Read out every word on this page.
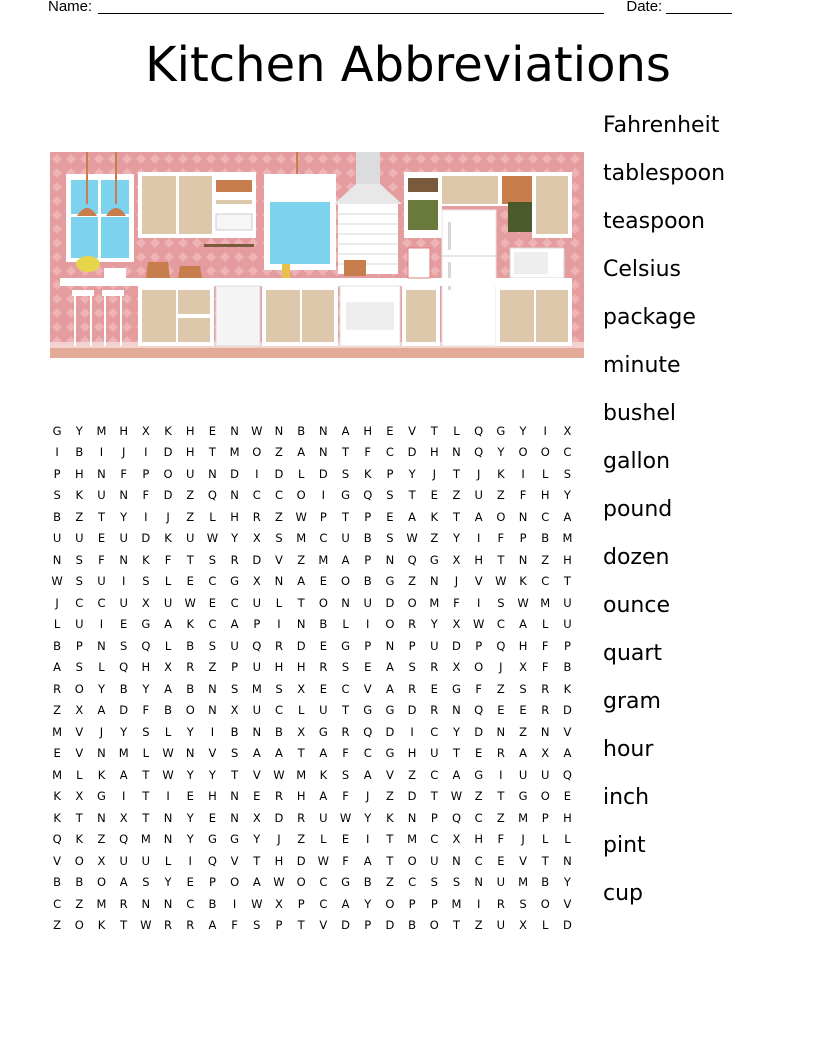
Name:	Date:
Kitchen Abbreviations
G	Y	M	H	X	K	H	E	N	W	N	B	N	A	H	E	V	T	L	Q	G	Y	I	X
I	B	I	J	I	D	H	T	M	O	Z	A	N	T	F	C	D	H	N	Q	Y	O	O	C
P	H	N	F	P	O	U	N	D	I	D	L	D	S	K	P	Y	J	T	J	K	I	L	S
S	K	U	N	F	D	Z	Q	N	C	C	O	I	G	Q	S	T	E	Z	U	Z	F	H	Y
B	Z	T	Y	I	J	Z	L	H	R	Z	W	P	T	P	E	A	K	T	A	O	N	C	A
U	U	E	U	D	K	U	W	Y	X	S	M	C	U	B	S	W	Z	Y	I	F	P	B	M
N	S	F	N	K	F	T	S	R	D	V	Z	M	A	P	N	Q	G	X	H	T	N	Z	H
W	S	U	I	S	L	E	C	G	X	N	A	E	O	B	G	Z	N	J	V	W	K	C	T
J	C	C	U	X	U	W	E	C	U	L	T	O	N	U	D	O	M	F	I	S	W	M	U
L	U	I	E	G	A	K	C	A	P	I	N	B	L	I	O	R	Y	X	W	C	A	L	U
B	P	N	S	Q	L	B	S	U	Q	R	D	E	G	P	N	P	U	D	P	Q	H	F	P
A	S	L	Q	H	X	R	Z	P	U	H	H	R	S	E	A	S	R	X	O	J	X	F	B
R	O	Y	B	Y	A	B	N	S	M	S	X	E	C	V	A	R	E	G	F	Z	S	R	K
Z	X	A	D	F	B	O	N	X	U	C	L	U	T	G	G	D	R	N	Q	E	E	R	D
M	V	J	Y	S	L	Y	I	B	N	B	X	G	R	Q	D	I	C	Y	D	N	Z	N	V
E	V	N	M	L	W	N	V	S	A	A	T	A	F	C	G	H	U	T	E	R	A	X	A
M	L	K	A	T	W	Y	Y	T	V	W	M	K	S	A	V	Z	C	A	G	I	U	U	Q
K	X	G	I	T	I	E	H	N	E	R	H	A	F	J	Z	D	T	W	Z	T	G	O	E
K	T	N	X	T	N	Y	E	N	X	D	R	U	W	Y	K	N	P	Q	C	Z	M	P	H
Q	K	Z	Q	M	N	Y	G	G	Y	J	Z	L	E	I	T	M	C	X	H	F	J	L	L
V	O	X	U	U	L	I	Q	V	T	H	D	W	F	A	T	O	U	N	C	E	V	T	N
B	B	O	A	S	Y	E	P	O	A	W	O	C	G	B	Z	C	S	S	N	U	M	B	Y
C	Z	M	R	N	N	C	B	I	W	X	P	C	A	Y	O	P	P	M	I	R	S	O	V
Z	O	K	T	W	R	R	A	F	S	P	T	V	D	P	D	B	O	T	Z	U	X	L	D
Fahrenheit
tablespoon
teaspoon
Celsius
package
minute
bushel
gallon
pound
dozen
ounce
quart
gram
hour
inch
pint
cup
